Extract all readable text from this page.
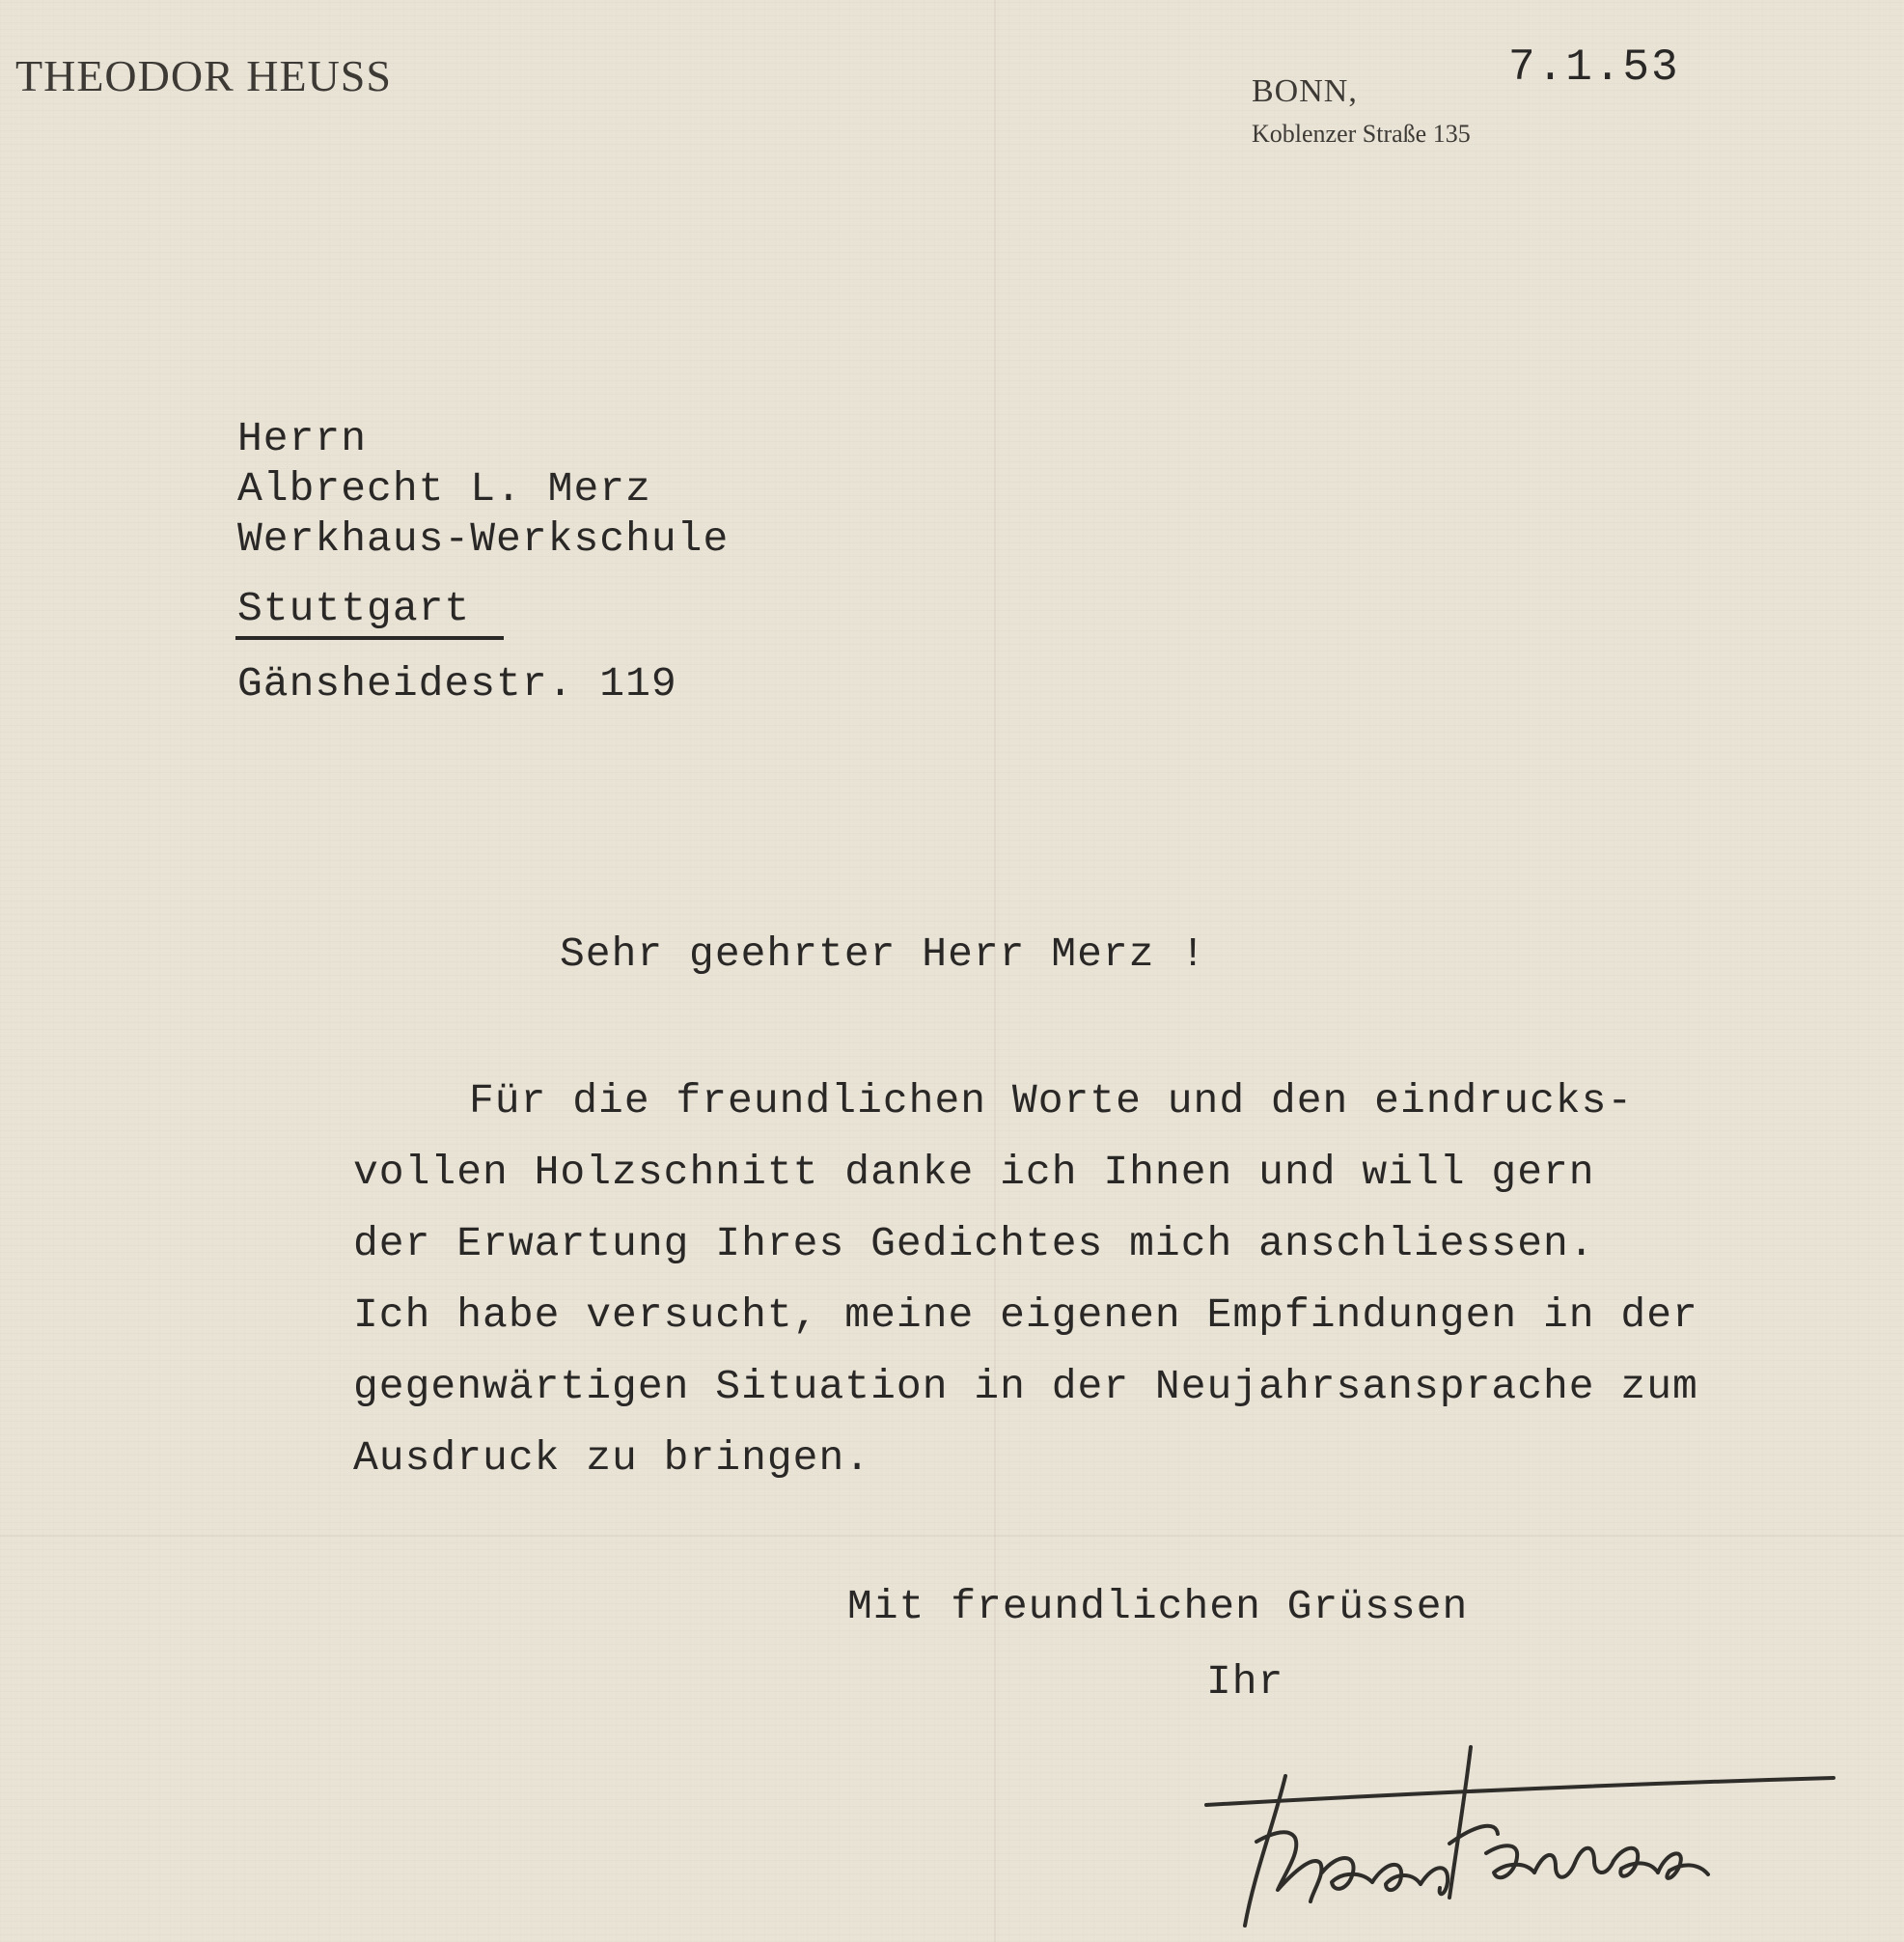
THEODOR HEUSS	BONN,
Koblenzer Straße 135
7.1.53
Herrn
Albrecht L. Merz
Werkhaus-Werkschule
Stuttgart
Gänsheidestr. 119
Sehr geehrter Herr Merz !
Für die freundlichen Worte und den eindrucks-
vollen Holzschnitt danke ich Ihnen und will gern
der Erwartung Ihres Gedichtes mich anschliessen.
Ich habe versucht, meine eigenen Empfindungen in der
gegenwärtigen Situation in der Neujahrsansprache zum
Ausdruck zu bringen.
Mit freundlichen Grüssen
Ihr
